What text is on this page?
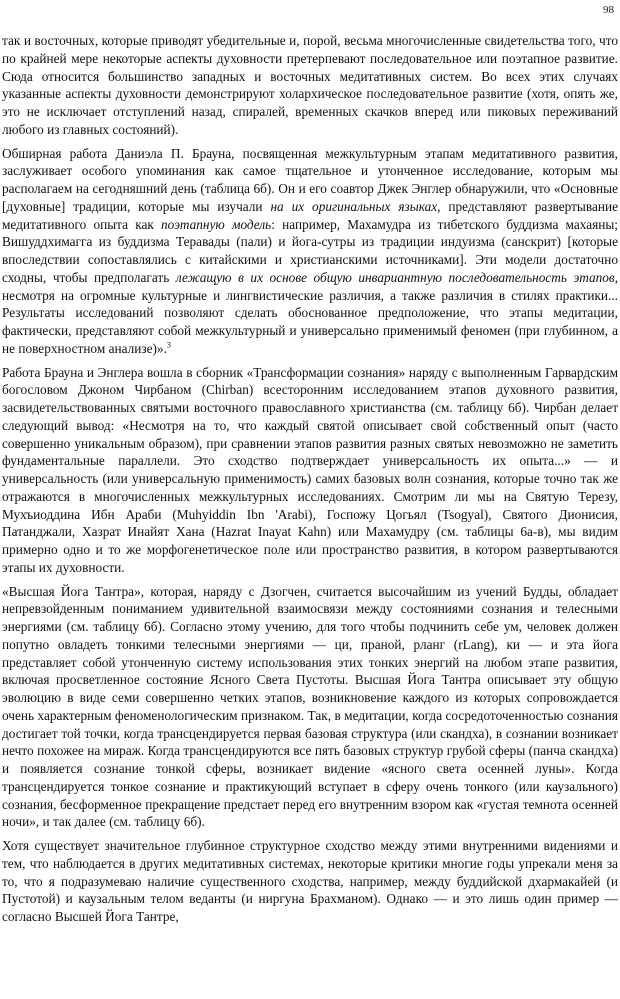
98

так и восточных, которые приводят убедительные и, порой, весьма многочисленные свидетельства того, что по крайней мере некоторые аспекты духовности претерпевают последовательное или поэтапное развитие. Сюда относится большинство западных и восточных медитативных систем. Во всех этих случаях указанные аспекты духовности демонстрируют холархическое последовательное развитие (хотя, опять же, это не исключает отступлений назад, спиралей, временных скачков вперед или пиковых переживаний любого из главных состояний).

Обширная работа Даниэла П. Брауна, посвященная межкультурным этапам медитативного развития, заслуживает особого упоминания как самое тщательное и утонченное исследование, которым мы располагаем на сегодняшний день (таблица 6б). Он и его соавтор Джек Энглер обнаружили, что «Основные [духовные] традиции, которые мы изучали на их оригинальных языках, представляют развертывание медитативного опыта как поэтапную модель: например, Махамудра из тибетского буддизма махаяны; Вишуддхимагга из буддизма Теравады (пали) и йога-сутры из традиции индуизма (санскрит) [которые впоследствии сопоставлялись с китайскими и христианскими источниками]. Эти модели достаточно сходны, чтобы предполагать лежащую в их основе общую инвариантную последовательность этапов, несмотря на огромные культурные и лингвистические различия, а также различия в стилях практики... Результаты исследований позволяют сделать обоснованное предположение, что этапы медитации, фактически, представляют собой межкультурный и универсально применимый феномен (при глубинном, а не поверхностном анализе)».$^3$

Работа Брауна и Энглера вошла в сборник «Трансформации сознания» наряду с выполненным Гарвардским богословом Джоном Чирбаном (Chirban) всесторонним исследованием этапов духовного развития, засвидетельствованных святыми восточного православного христианства (см. таблицу 6б). Чирбан делает следующий вывод: «Несмотря на то, что каждый святой описывает свой собственный опыт (часто совершенно уникальным образом), при сравнении этапов развития разных святых невозможно не заметить фундаментальные параллели. Это сходство подтверждает универсальность их опыта...» — и универсальность (или универсальную применимость) самих базовых волн сознания, которые точно так же отражаются в многочисленных межкультурных исследованиях. Смотрим ли мы на Святую Терезу, Мухъиоддина Ибн Араби (Muhyiddin Ibn 'Arabi), Госпожу Цогьял (Tsogyal), Святого Дионисия, Патанджали, Хазрат Инайят Хана (Hazrat Inayat Kahn) или Махамудру (см. таблицы 6а-в), мы видим примерно одно и то же морфогенетическое поле или пространство развития, в котором развертываются этапы их духовности.

«Высшая Йога Тантра», которая, наряду с Дзогчен, считается высочайшим из учений Будды, обладает непревзойденным пониманием удивительной взаимосвязи между состояниями сознания и телесными энергиями (см. таблицу 6б). Согласно этому учению, для того чтобы подчинить себе ум, человек должен попутно овладеть тонкими телесными энергиями — ци, праной, рланг (rLang), ки — и эта йога представляет собой утонченную систему использования этих тонких энергий на любом этапе развития, включая просветленное состояние Ясного Света Пустоты. Высшая Йога Тантра описывает эту общую эволюцию в виде семи совершенно четких этапов, возникновение каждого из которых сопровождается очень характерным феноменологическим признаком. Так, в медитации, когда сосредоточенностью сознания достигает той точки, когда трансцендируется первая базовая структура (или скандха), в сознании возникает нечто похожее на мираж. Когда трансцендируются все пять базовых структур грубой сферы (панча скандха) и появляется сознание тонкой сферы, возникает видение «ясного света осенней луны». Когда трансцендируется тонкое сознание и практикующий вступает в сферу очень тонкого (или каузального) сознания, бесформенное прекращение предстает перед его внутренним взором как «густая темнота осенней ночи», и так далее (см. таблицу 6б).

Хотя существует значительное глубинное структурное сходство между этими внутренними видениями и тем, что наблюдается в других медитативных системах, некоторые критики многие годы упрекали меня за то, что я подразумеваю наличие существенного сходства, например, между буддийской дхармакайей (и Пустотой) и каузальным телом веданты (и ниргуна Брахманом). Однако — и это лишь один пример — согласно Высшей Йога Тантре,
